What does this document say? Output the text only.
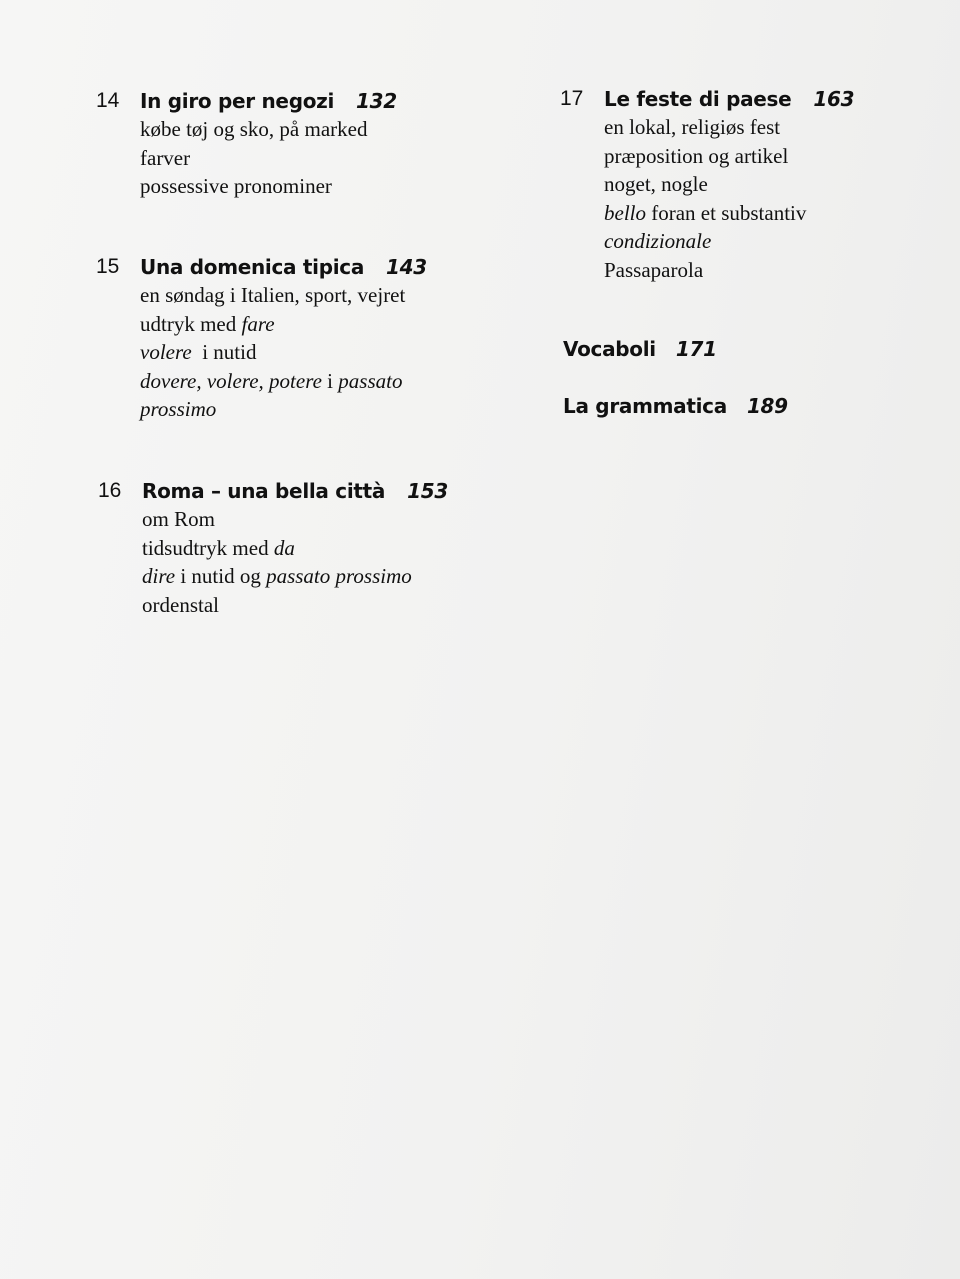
14 In giro per negozi 132
købe tøj og sko, på marked
farver
possessive pronominer
15 Una domenica tipica 143
en søndag i Italien, sport, vejret
udtryk med fare
volere  i nutid
dovere, volere, potere i passato
prossimo
16 Roma – una bella città 153
om Rom
tidsudtryk med da
dire i nutid og passato prossimo
ordenstal
17 Le feste di paese 163
en lokal, religiøs fest
præposition og artikel
noget, nogle
bello foran et substantiv
condizionale
Passaparola
Vocaboli 171
La grammatica 189
